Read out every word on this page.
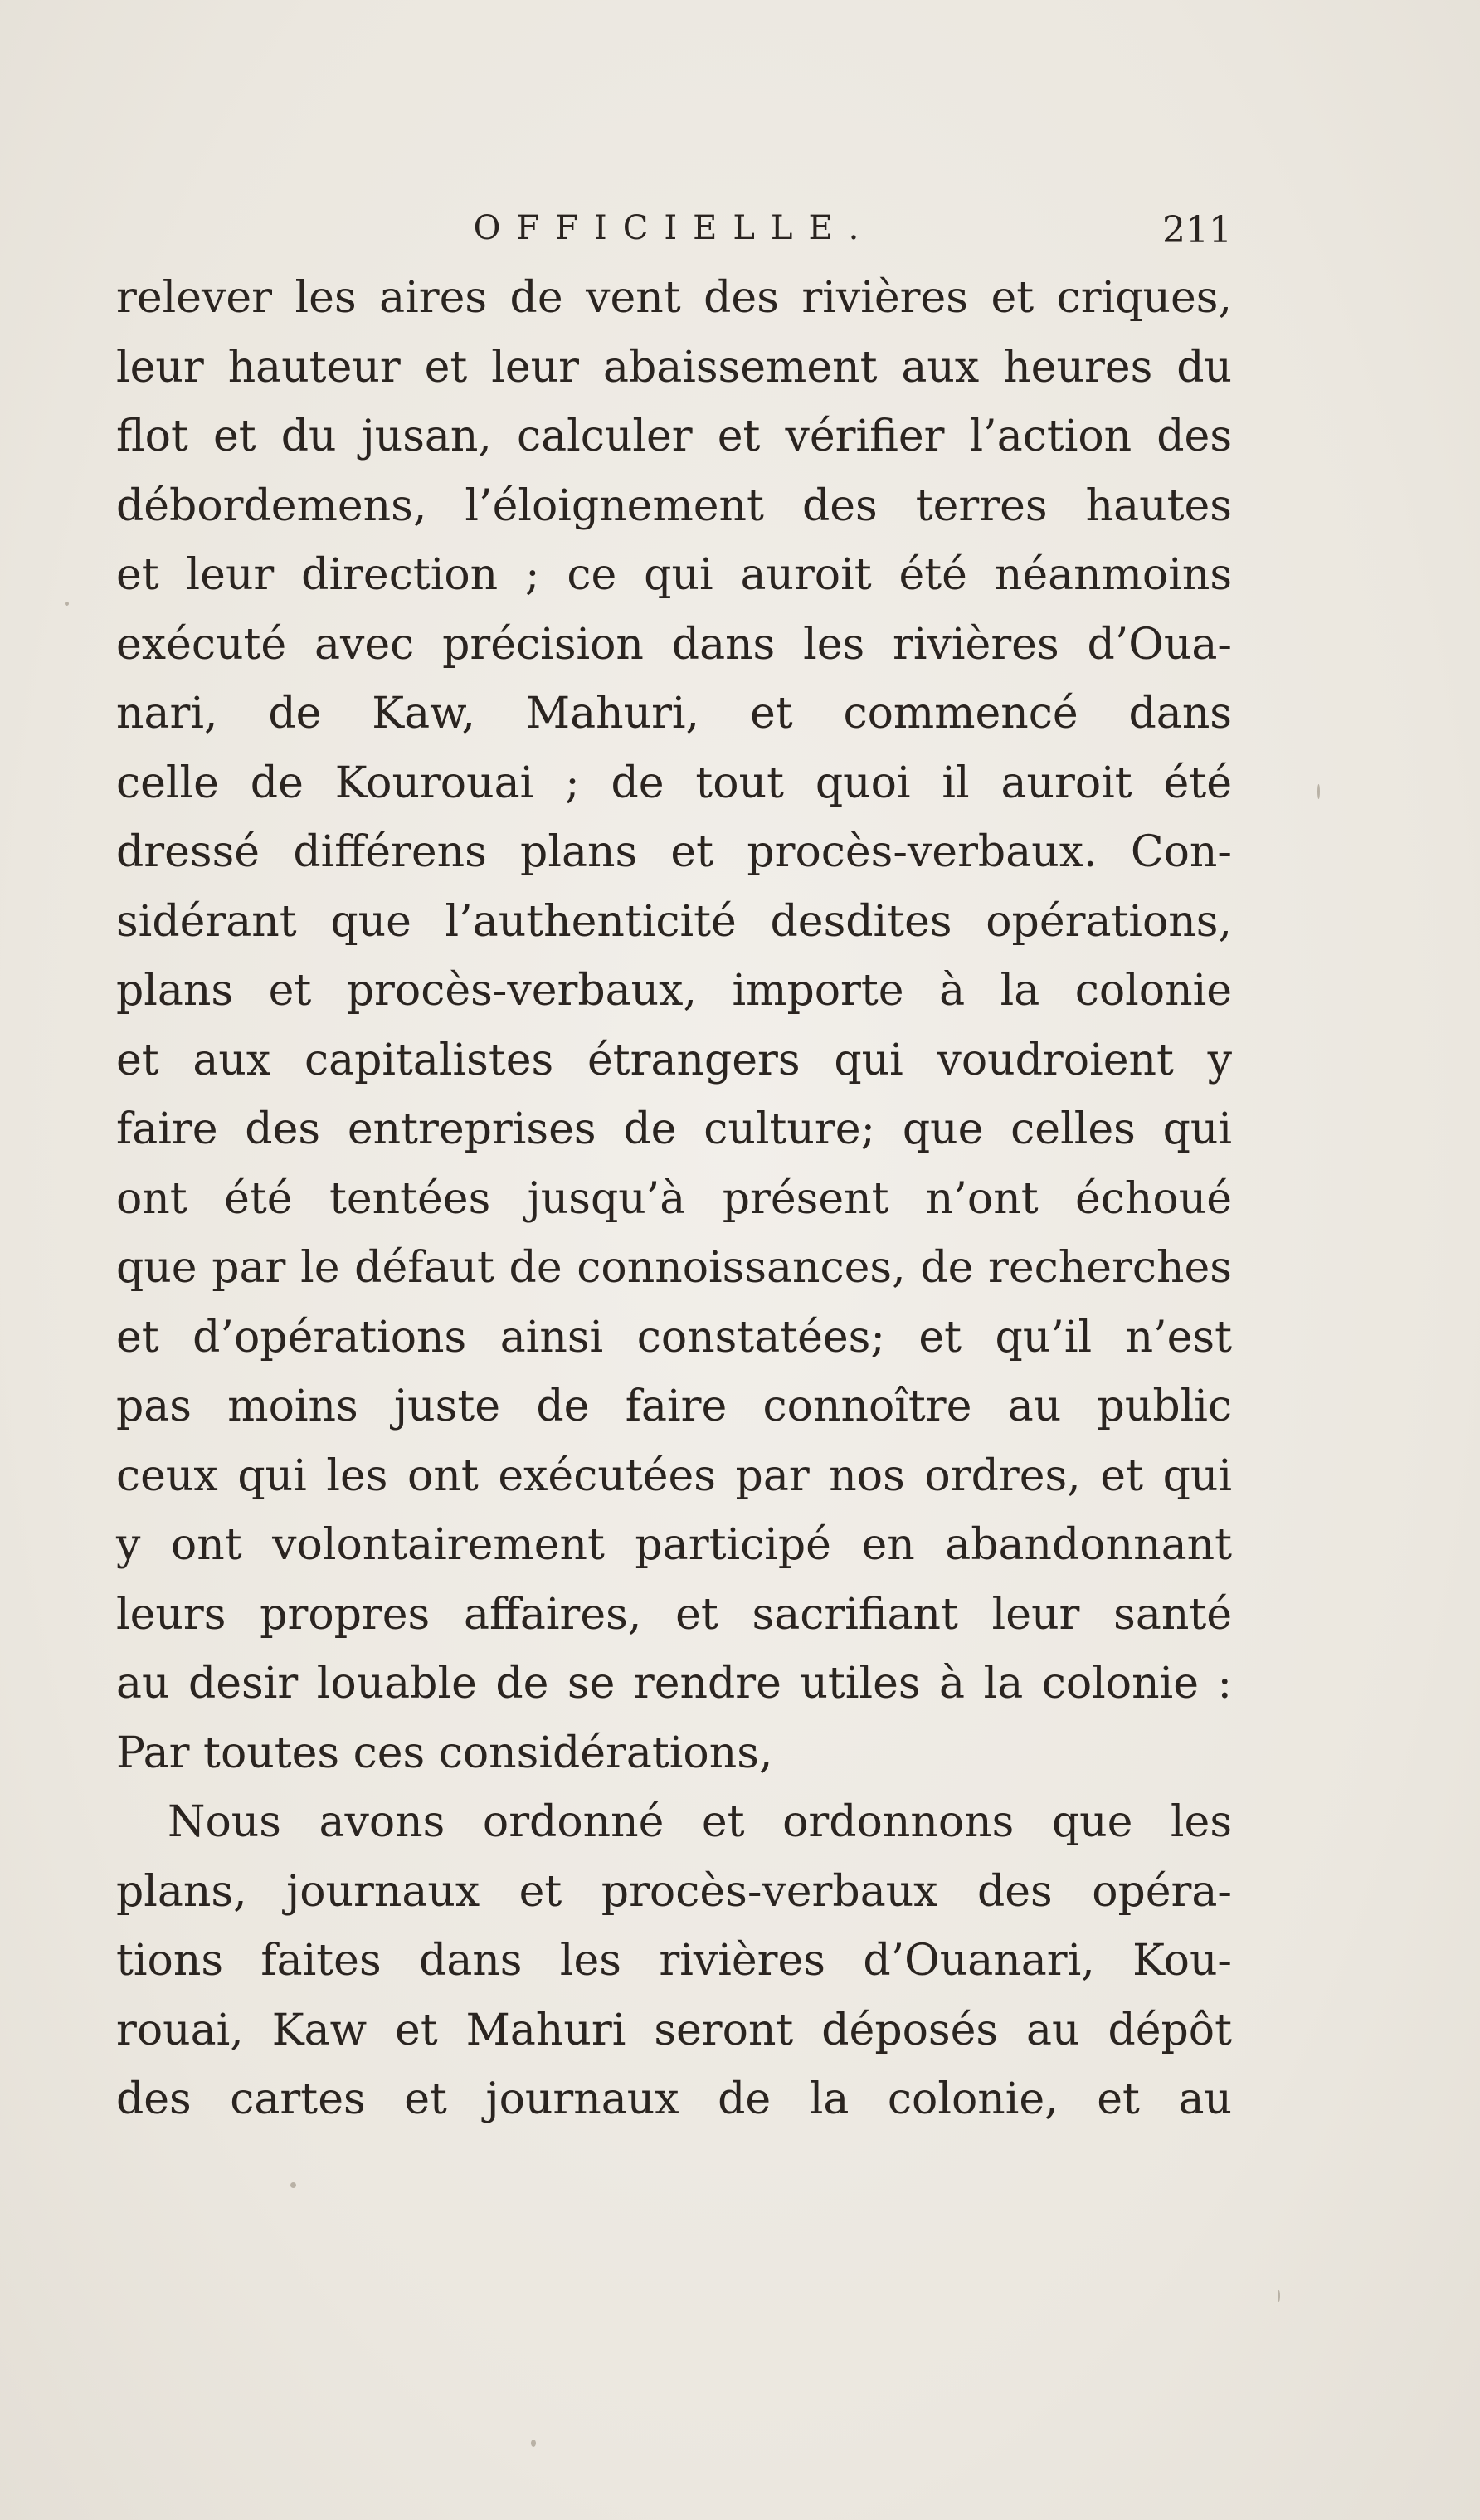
OFFICIELLE.	211
relever les aires de vent des rivières et criques,
leur hauteur et leur abaissement aux heures du
flot et du jusan, calculer et vérifier l’action des
débordemens, l’éloignement des terres hautes
et leur direction ; ce qui auroit été néanmoins
exécuté avec précision dans les rivières d’Oua-
nari, de Kaw, Mahuri, et commencé dans
celle de Kourouai ; de tout quoi il auroit été
dressé différens plans et procès-verbaux. Con-
sidérant que l’authenticité desdites opérations,
plans et procès-verbaux, importe à la colonie
et aux capitalistes étrangers qui voudroient y
faire des entreprises de culture; que celles qui
ont été tentées jusqu’à présent n’ont échoué
que par le défaut de connoissances, de recherches
et d’opérations ainsi constatées; et qu’il n’est
pas moins juste de faire connoître au public
ceux qui les ont exécutées par nos ordres, et qui
y ont volontairement participé en abandonnant
leurs propres affaires, et sacrifiant leur santé
au desir louable de se rendre utiles à la colonie :
Par toutes ces considérations,
Nous avons ordonné et ordonnons que les
plans, journaux et procès-verbaux des opéra-
tions faites dans les rivières d’Ouanari, Kou-
rouai, Kaw et Mahuri seront déposés au dépôt
des cartes et journaux de la colonie, et au
